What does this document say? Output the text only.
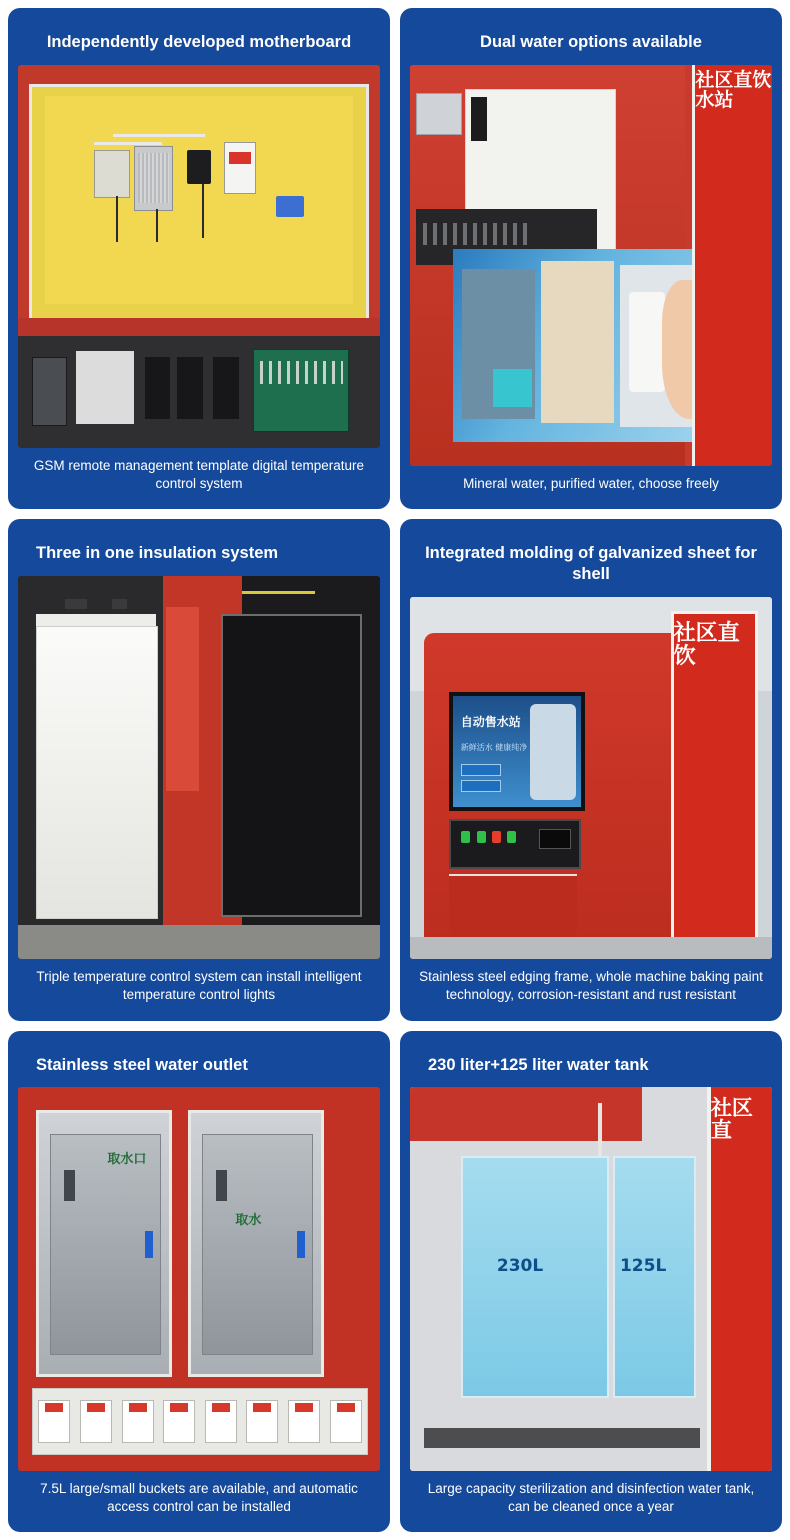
Independently developed motherboard
GSM remote management template digital temperature control system
Dual water options available
社区直饮水站
Mineral water, purified water, choose freely
Three in one insulation system
Triple temperature control system can install intelligent temperature control lights
Integrated molding of galvanized sheet for shell
自动售水站
新鲜活水 健康纯净
社区直饮
Stainless steel edging frame, whole machine baking paint technology, corrosion-resistant and rust resistant
Stainless steel water outlet
取水口
取水
7.5L large/small buckets are available, and automatic access control can be installed
230 liter+125 liter water tank
230L	125L
社区直
Large capacity sterilization and disinfection water tank, can be cleaned once a year
